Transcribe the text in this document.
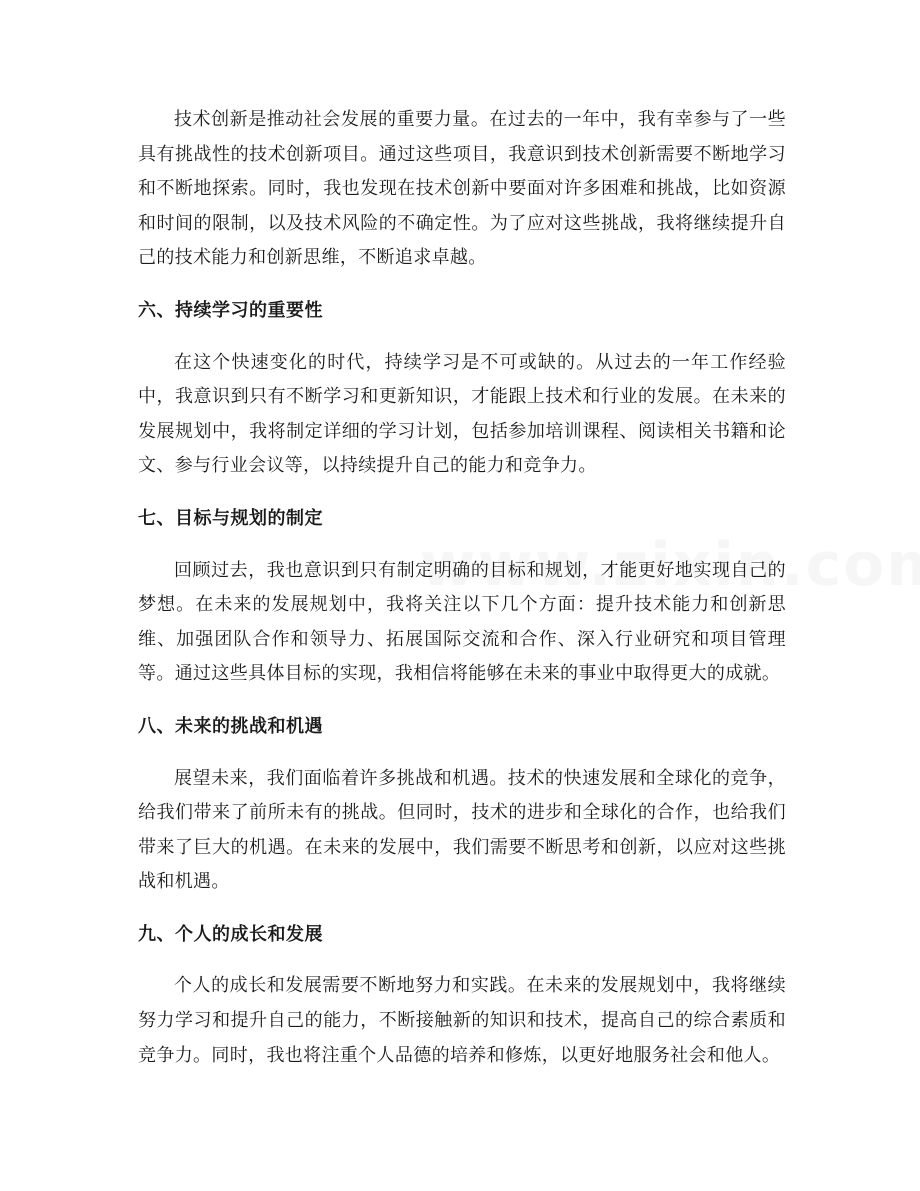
技术创新是推动社会发展的重要力量。在过去的一年中，我有幸参与了一些具有挑战性的技术创新项目。通过这些项目，我意识到技术创新需要不断地学习和不断地探索。同时，我也发现在技术创新中要面对许多困难和挑战，比如资源和时间的限制，以及技术风险的不确定性。为了应对这些挑战，我将继续提升自己的技术能力和创新思维，不断追求卓越。

六、持续学习的重要性

在这个快速变化的时代，持续学习是不可或缺的。从过去的一年工作经验中，我意识到只有不断学习和更新知识，才能跟上技术和行业的发展。在未来的发展规划中，我将制定详细的学习计划，包括参加培训课程、阅读相关书籍和论文、参与行业会议等，以持续提升自己的能力和竞争力。

七、目标与规划的制定

回顾过去，我也意识到只有制定明确的目标和规划，才能更好地实现自己的梦想。在未来的发展规划中，我将关注以下几个方面：提升技术能力和创新思维、加强团队合作和领导力、拓展国际交流和合作、深入行业研究和项目管理等。通过这些具体目标的实现，我相信将能够在未来的事业中取得更大的成就。

八、未来的挑战和机遇

展望未来，我们面临着许多挑战和机遇。技术的快速发展和全球化的竞争，给我们带来了前所未有的挑战。但同时，技术的进步和全球化的合作，也给我们带来了巨大的机遇。在未来的发展中，我们需要不断思考和创新，以应对这些挑战和机遇。

九、个人的成长和发展

个人的成长和发展需要不断地努力和实践。在未来的发展规划中，我将继续努力学习和提升自己的能力，不断接触新的知识和技术，提高自己的综合素质和竞争力。同时，我也将注重个人品德的培养和修炼，以更好地服务社会和他人。
